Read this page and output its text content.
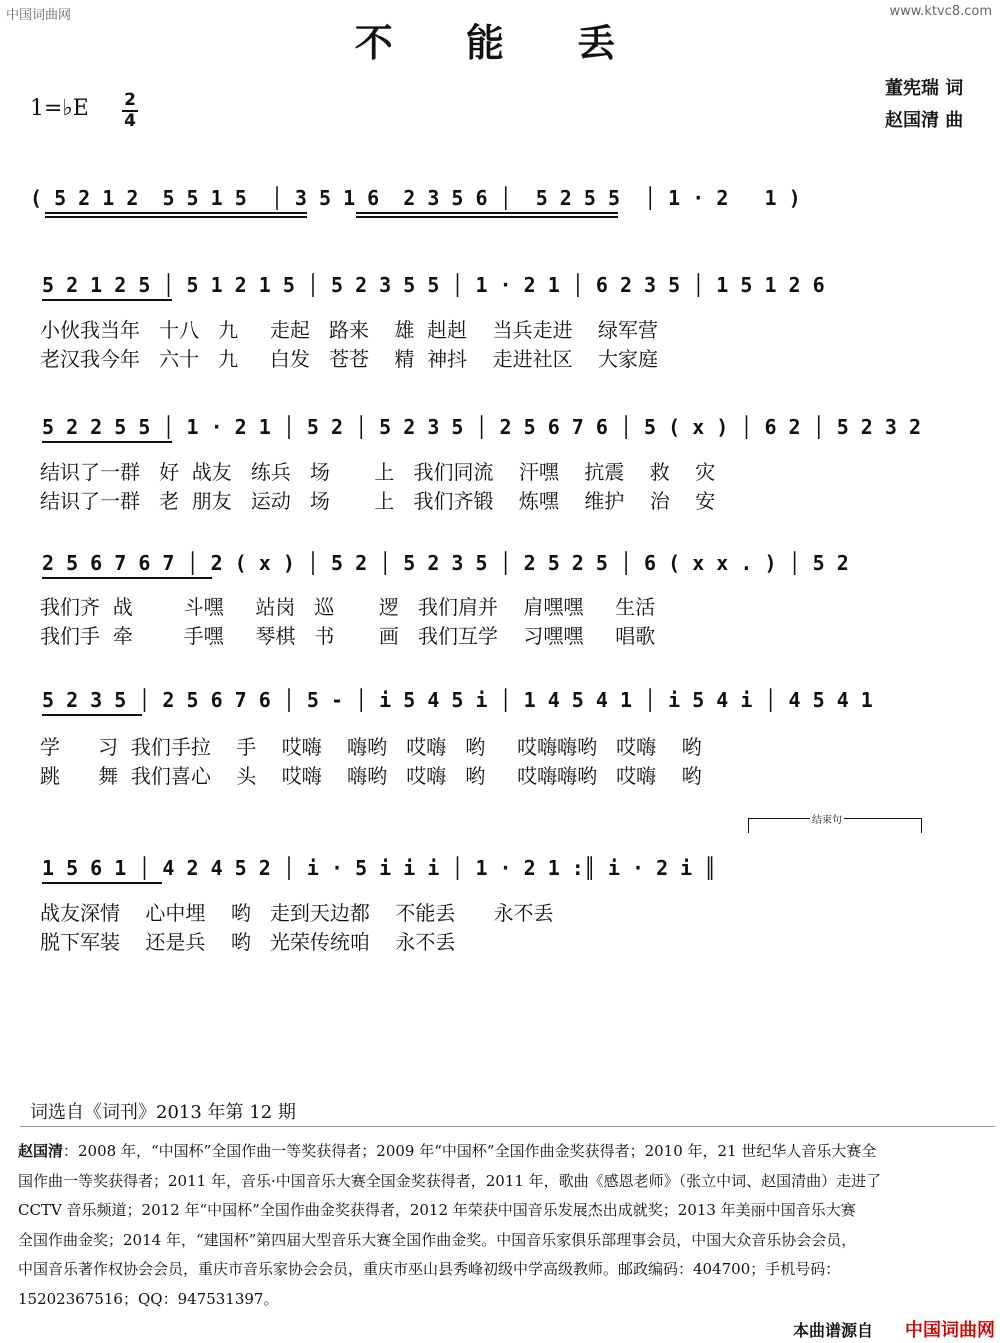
中国词曲网	www.ktvc8.com
不 能 丢
董宪瑞 词
赵国清 曲
1=♭E 2
4
( 5 2 1 2  5 5 1 5  │ 3 5 1 6  2 3 5 6 │  5 2 5 5  │ 1 · 2   1 )
5 2 1 2 5 │ 5 1 2 1 5 │ 5 2 3 5 5 │ 1 · 2 1 │ 6 2 3 5 │ 1 5 1 2 6
小伙我当年   十八   九     走起   路来    雄  赳赳    当兵走进    绿军营
老汉我今年   六十   九     白发   苍苍    精  神抖    走进社区    大家庭
5 2 2 5 5 │ 1 · 2 1 │ 5 2 │ 5 2 3 5 │ 2 5 6 7 6 │ 5 ( x ) │ 6 2 │ 5 2 3 2
结识了一群   好  战友   练兵   场       上   我们同流    汗嘿    抗震    救    灾
结识了一群   老  朋友   运动   场       上   我们齐锻    炼嘿    维护    治    安
2 5 6 7 6 7 │ 2 ( x ) │ 5 2 │ 5 2 3 5 │ 2 5 2 5 │ 6 ( x x . ) │ 5 2
我们齐  战        斗嘿     站岗   巡       逻   我们肩并    肩嘿嘿     生活
我们手  牵        手嘿     琴棋   书       画   我们互学    习嘿嘿     唱歌
5 2 3 5 │ 2 5 6 7 6 │ 5 - │ i 5 4 5 i │ 1 4 5 4 1 │ i 5 4 i │ 4 5 4 1
学      习  我们手拉    手    哎嗨    嗨哟   哎嗨   哟     哎嗨嗨哟   哎嗨    哟
跳      舞  我们喜心    头    哎嗨    嗨哟   哎嗨   哟     哎嗨嗨哟   哎嗨    哟
结束句
1 5 6 1 │ 4 2 4 5 2 │ i · 5 i i i │ 1 · 2 1 :║ i · 2 i ║
战友深情    心中埋    哟   走到天边都    不能丢      永不丢
脱下军装    还是兵    哟   光荣传统咱    永不丢
词选自《词刊》2013 年第 12 期
赵国清：2008 年，“中国杯”全国作曲一等奖获得者；2009 年“中国杯”全国作曲金奖获得者；2010 年，21 世纪华人音乐大赛全
国作曲一等奖获得者；2011 年，音乐·中国音乐大赛全国金奖获得者，2011 年，歌曲《感恩老师》（张立中词、赵国清曲）走进了
CCTV 音乐频道；2012 年“中国杯”全国作曲金奖获得者，2012 年荣获中国音乐发展杰出成就奖；2013 年美丽中国音乐大赛
全国作曲金奖；2014 年，“建国杯”第四届大型音乐大赛全国作曲金奖。中国音乐家俱乐部理事会员，中国大众音乐协会会员，
中国音乐著作权协会会员，重庆市音乐家协会会员，重庆市巫山县秀峰初级中学高级教师。邮政编码：404700；手机号码：
15202367516；QQ：947531397。
本曲谱源自 中国词曲网
